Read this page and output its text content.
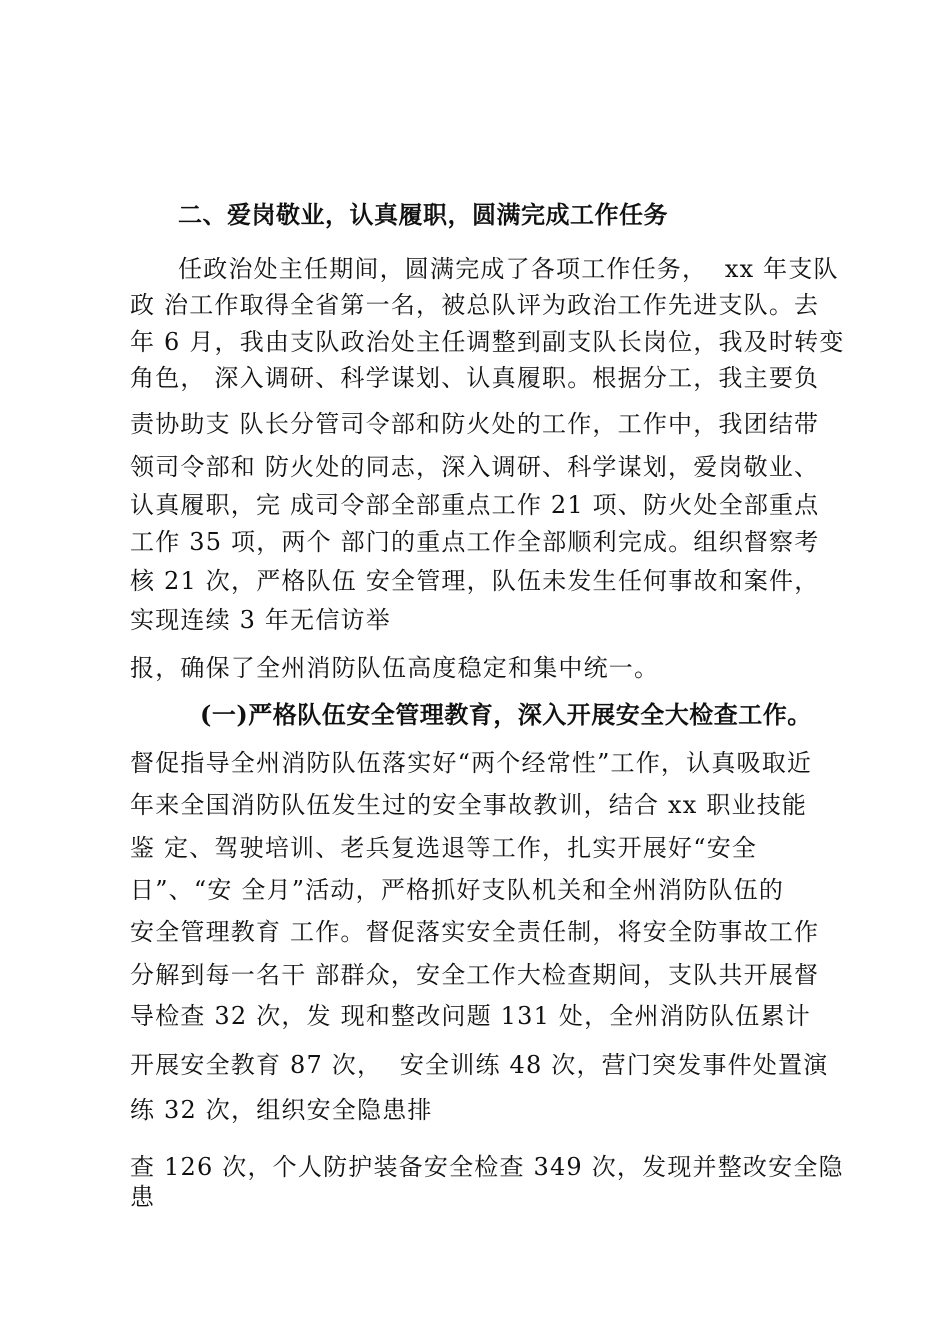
二、爱岗敬业，认真履职，圆满完成工作任务
任政治处主任期间，圆满完成了各项工作任务，  xx 年支队
政 治工作取得全省第一名，被总队评为政治工作先进支队。去
年 6 月，我由支队政治处主任调整到副支队长岗位，我及时转变
角色， 深入调研、科学谋划、认真履职。根据分工，我主要负
责协助支 队长分管司令部和防火处的工作，工作中，我团结带
领司令部和 防火处的同志，深入调研、科学谋划，爱岗敬业、
认真履职，完 成司令部全部重点工作 21 项、防火处全部重点
工作 35 项，两个 部门的重点工作全部顺利完成。组织督察考
核 21 次，严格队伍 安全管理，队伍未发生任何事故和案件，
实现连续 3 年无信访举
报，确保了全州消防队伍高度稳定和集中统一。
(一)严格队伍安全管理教育，深入开展安全大检查工作。
督促指导全州消防队伍落实好“两个经常性”工作，认真吸取近
年来全国消防队伍发生过的安全事故教训，结合 xx 职业技能
鉴 定、驾驶培训、老兵复选退等工作，扎实开展好“安全
日”、“安 全月”活动，严格抓好支队机关和全州消防队伍的
安全管理教育 工作。督促落实安全责任制，将安全防事故工作
分解到每一名干 部群众，安全工作大检查期间，支队共开展督
导检查 32 次，发 现和整改问题 131 处，全州消防队伍累计
开展安全教育 87 次，  安全训练 48 次，营门突发事件处置演
练 32 次，组织安全隐患排
查 126 次，个人防护装备安全检查 349 次，发现并整改安全隐
患
